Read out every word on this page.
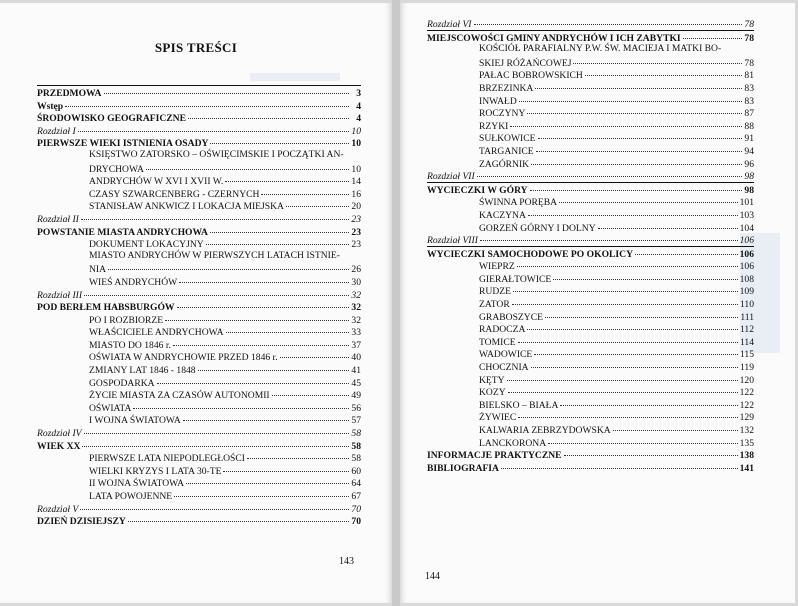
SPIS TREŚCI
PRZEDMOWA	3
Wstęp	4
ŚRODOWISKO GEOGRAFICZNE	4
Rozdział I	10
PIERWSZE WIEKI ISTNIENIA OSADY	10
KSIĘSTWO ZATORSKO – OŚWIĘCIMSKIE I POCZĄTKI AN-
DRYCHOWA	10
ANDRYCHÓW W XVI I XVII W.	14
CZASY SZWARCENBERG - CZERNYCH	16
STANISŁAW ANKWICZ I LOKACJA MIEJSKA	20
Rozdział II	23
POWSTANIE MIASTA ANDRYCHOWA	23
DOKUMENT LOKACYJNY	23
MIASTO ANDRYCHÓW W PIERWSZYCH LATACH ISTNIE-
NIA	26
WIEŚ ANDRYCHÓW	30
Rozdział III	32
POD BERŁEM HABSBURGÓW	32
PO I ROZBIORZE	32
WŁAŚCICIELE ANDRYCHOWA	33
MIASTO DO 1846 r.	37
OŚWIATA W ANDRYCHOWIE PRZED 1846 r.	40
ZMIANY LAT 1846 - 1848	41
GOSPODARKA	45
ŻYCIE MIASTA ZA CZASÓW AUTONOMII	49
OŚWIATA	56
I WOJNA ŚWIATOWA	57
Rozdział IV	58
WIEK XX	58
PIERWSZE LATA NIEPODLEGŁOŚCI	58
WIELKI KRYZYS I LATA 30-TE	60
II WOJNA ŚWIATOWA	64
LATA POWOJENNE	67
Rozdział V	70
DZIEŃ DZISIEJSZY	70
143
Rozdział VI	78
MIEJSCOWOŚCI GMINY ANDRYCHÓW I ICH ZABYTKI	78
KOŚCIÓŁ PARAFIALNY P.W. ŚW. MACIEJA I MATKI BO-
SKIEJ RÓŻAŃCOWEJ	78
PAŁAC BOBROWSKICH	81
BRZEZINKA	83
INWAŁD	83
ROCZYNY	87
RZYKI	88
SUŁKOWICE	91
TARGANICE	94
ZAGÓRNIK	96
Rozdział VII	98
WYCIECZKI W GÓRY	98
ŚWINNA PORĘBA	101
KACZYNA	103
GORZEŃ GÓRNY I DOLNY	104
Rozdział VIII	106
WYCIECZKI SAMOCHODOWE PO OKOLICY	106
WIEPRZ	106
GIERAŁTOWICE	108
RUDZE	109
ZATOR	110
GRABOSZYCE	111
RADOCZA	112
TOMICE	114
WADOWICE	115
CHOCZNIA	119
KĘTY	120
KOZY	122
BIELSKO – BIAŁA	122
ŻYWIEC	129
KALWARIA ZEBRZYDOWSKA	132
LANCKORONA	135
INFORMACJE PRAKTYCZNE	138
BIBLIOGRAFIA	141
144
